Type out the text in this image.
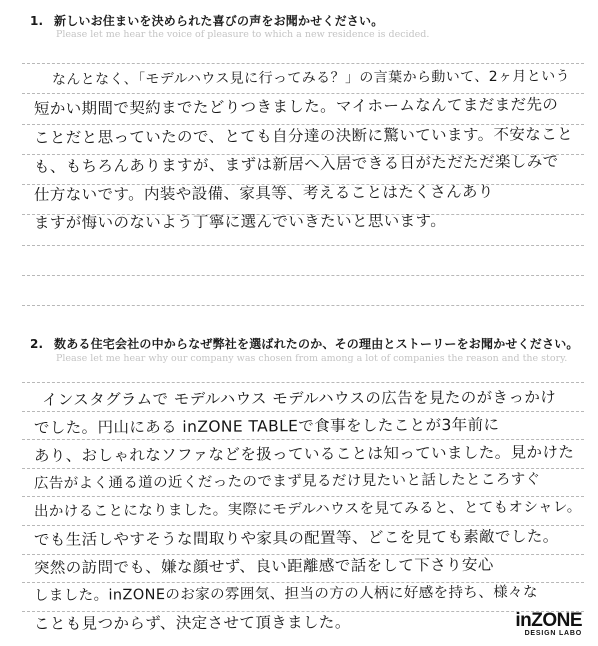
1. 新しいお住まいを決められた喜びの声をお聞かせください。
Please let me hear the voice of pleasure to which a new residence is decided.
なんとなく、「モデルハウス見に行ってみる？」の言葉から動いて、2ヶ月という
短かい期間で契約までたどりつきました。マイホームなんてまだまだ先の
ことだと思っていたので、とても自分達の決断に驚いています。不安なこと
も、もちろんありますが、まずは新居へ入居できる日がただただ楽しみで
仕方ないです。内装や設備、家具等、考えることはたくさんあり
ますが悔いのないよう丁寧に選んでいきたいと思います。
2. 数ある住宅会社の中からなぜ弊社を選ばれたのか、その理由とストーリーをお聞かせください。
Please let me hear why our company was chosen from among a lot of companies the reason and the story.
インスタグラムで モデルハウス モデルハウスの広告を見たのがきっかけ
でした。円山にある inZONE TABLEで食事をしたことが3年前に
あり、おしゃれなソファなどを扱っていることは知っていました。見かけた
広告がよく通る道の近くだったのでまず見るだけ見たいと話したところすぐ
出かけることになりました。実際にモデルハウスを見てみると、とてもオシャレ。
でも生活しやすそうな間取りや家具の配置等、どこを見ても素敵でした。
突然の訪問でも、嫌な顔せず、良い距離感で話をして下さり安心
しました。inZONEのお家の雰囲気、担当の方の人柄に好感を持ち、様々な
ことも見つからず、決定させて頂きました。	inZONE
DESIGN LABO
